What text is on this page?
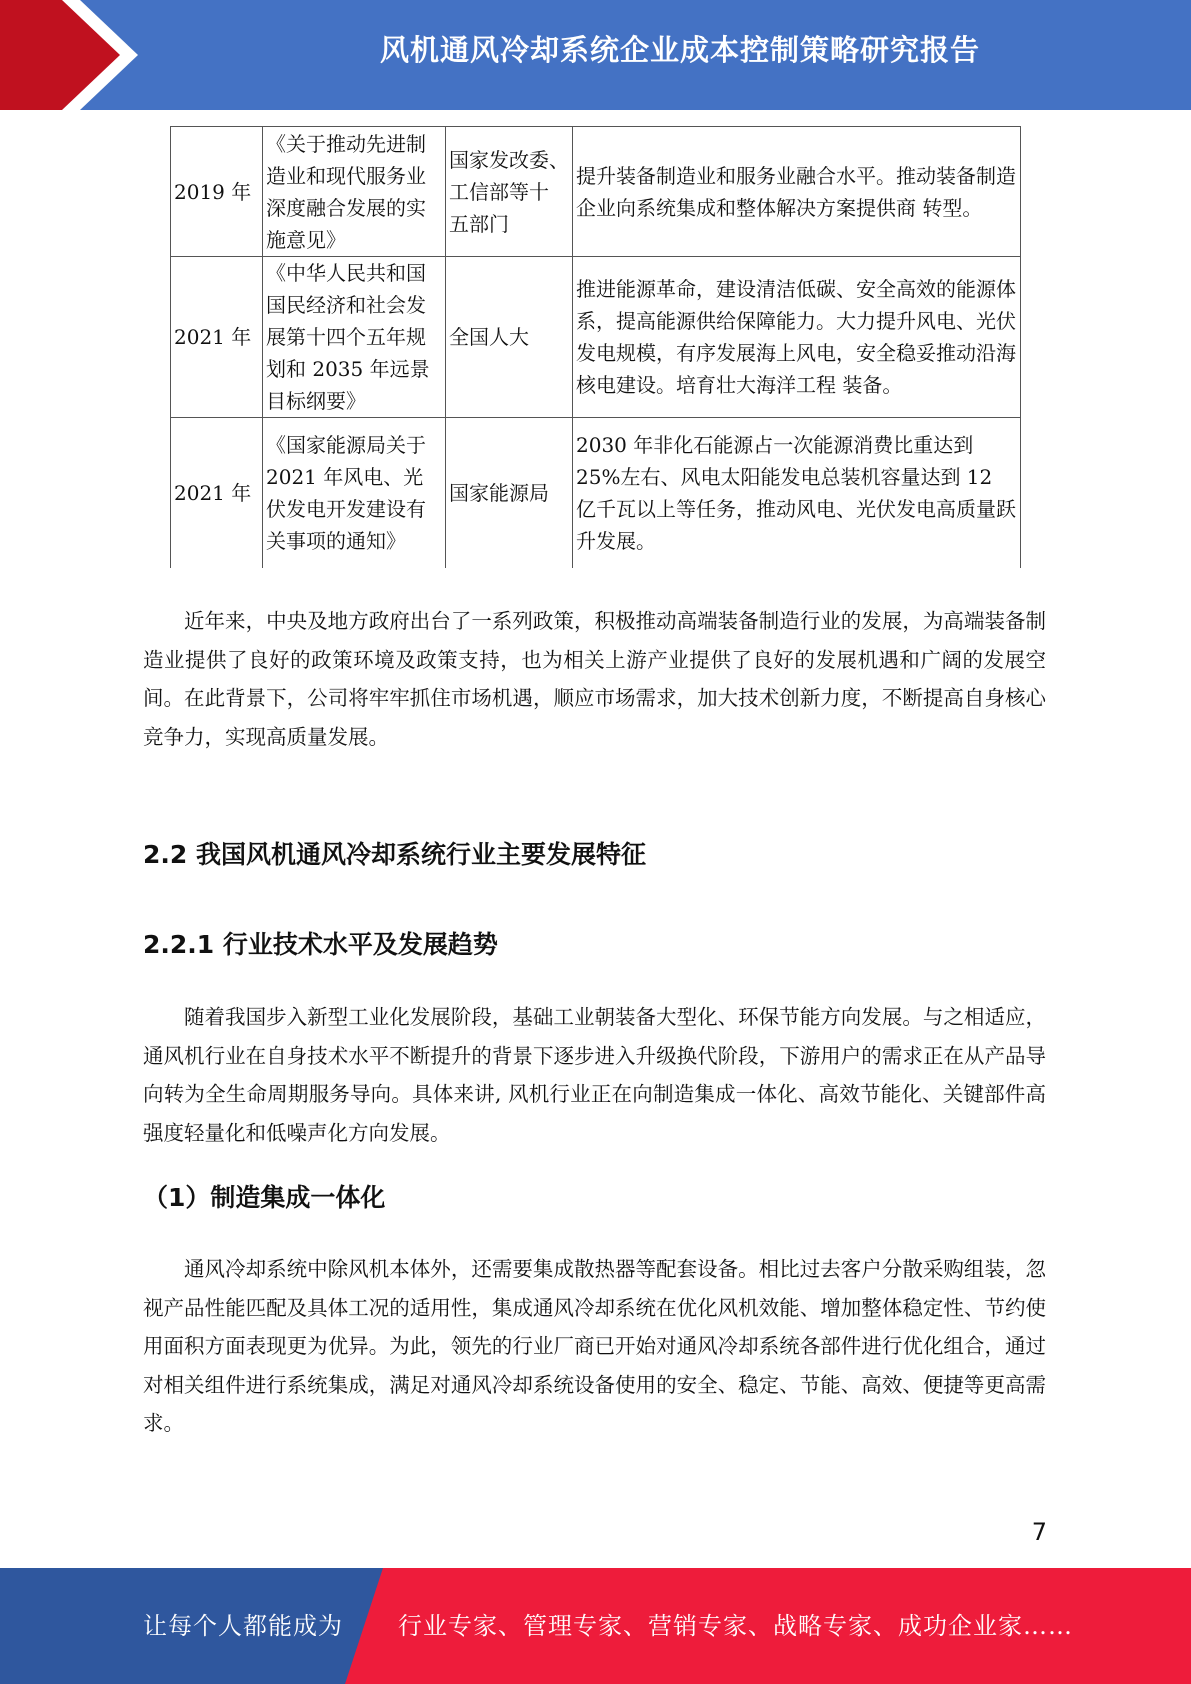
风机通风冷却系统企业成本控制策略研究报告
2019 年	《关于推动先进制造业和现代服务业深度融合发展的实施意见》	国家发改委、 工信部等十 五部门	提升装备制造业和服务业融合水平。推动装备制造企业向系统集成和整体解决方案提供商 转型。
2021 年	《中华人民共和国国民经济和社会发展第十四个五年规划和 2035 年远景目标纲要》	全国人大	推进能源革命，建设清洁低碳、安全高效的能源体系，提高能源供给保障能力。大力提升风电、光伏发电规模，有序发展海上风电，安全稳妥推动沿海核电建设。培育壮大海洋工程 装备。
2021 年	《国家能源局关于 2021 年风电、光伏发电开发建设有关事项的通知》	国家能源局	2030 年非化石能源占一次能源消费比重达到 25%左右、风电太阳能发电总装机容量达到 12 亿千瓦以上等任务，推动风电、光伏发电高质量跃升发展。

近年来，中央及地方政府出台了一系列政策，积极推动高端装备制造行业的发展，为高端装备制造业提供了良好的政策环境及政策支持，也为相关上游产业提供了良好的发展机遇和广阔的发展空间。在此背景下，公司将牢牢抓住市场机遇，顺应市场需求，加大技术创新力度，不断提高自身核心竞争力，实现高质量发展。

2.2 我国风机通风冷却系统行业主要发展特征
2.2.1 行业技术水平及发展趋势

随着我国步入新型工业化发展阶段，基础工业朝装备大型化、环保节能方向发展。与之相适应，通风机行业在自身技术水平不断提升的背景下逐步进入升级换代阶段，下游用户的需求正在从产品导向转为全生命周期服务导向。具体来讲, 风机行业正在向制造集成一体化、高效节能化、关键部件高强度轻量化和低噪声化方向发展。

（1）制造集成一体化

通风冷却系统中除风机本体外，还需要集成散热器等配套设备。相比过去客户分散采购组装，忽视产品性能匹配及具体工况的适用性，集成通风冷却系统在优化风机效能、增加整体稳定性、节约使用面积方面表现更为优异。为此，领先的行业厂商已开始对通风冷却系统各部件进行优化组合，通过对相关组件进行系统集成，满足对通风冷却系统设备使用的安全、稳定、节能、高效、便捷等更高需求。

7
让每个人都能成为 行业专家、管理专家、营销专家、战略专家、成功企业家……
